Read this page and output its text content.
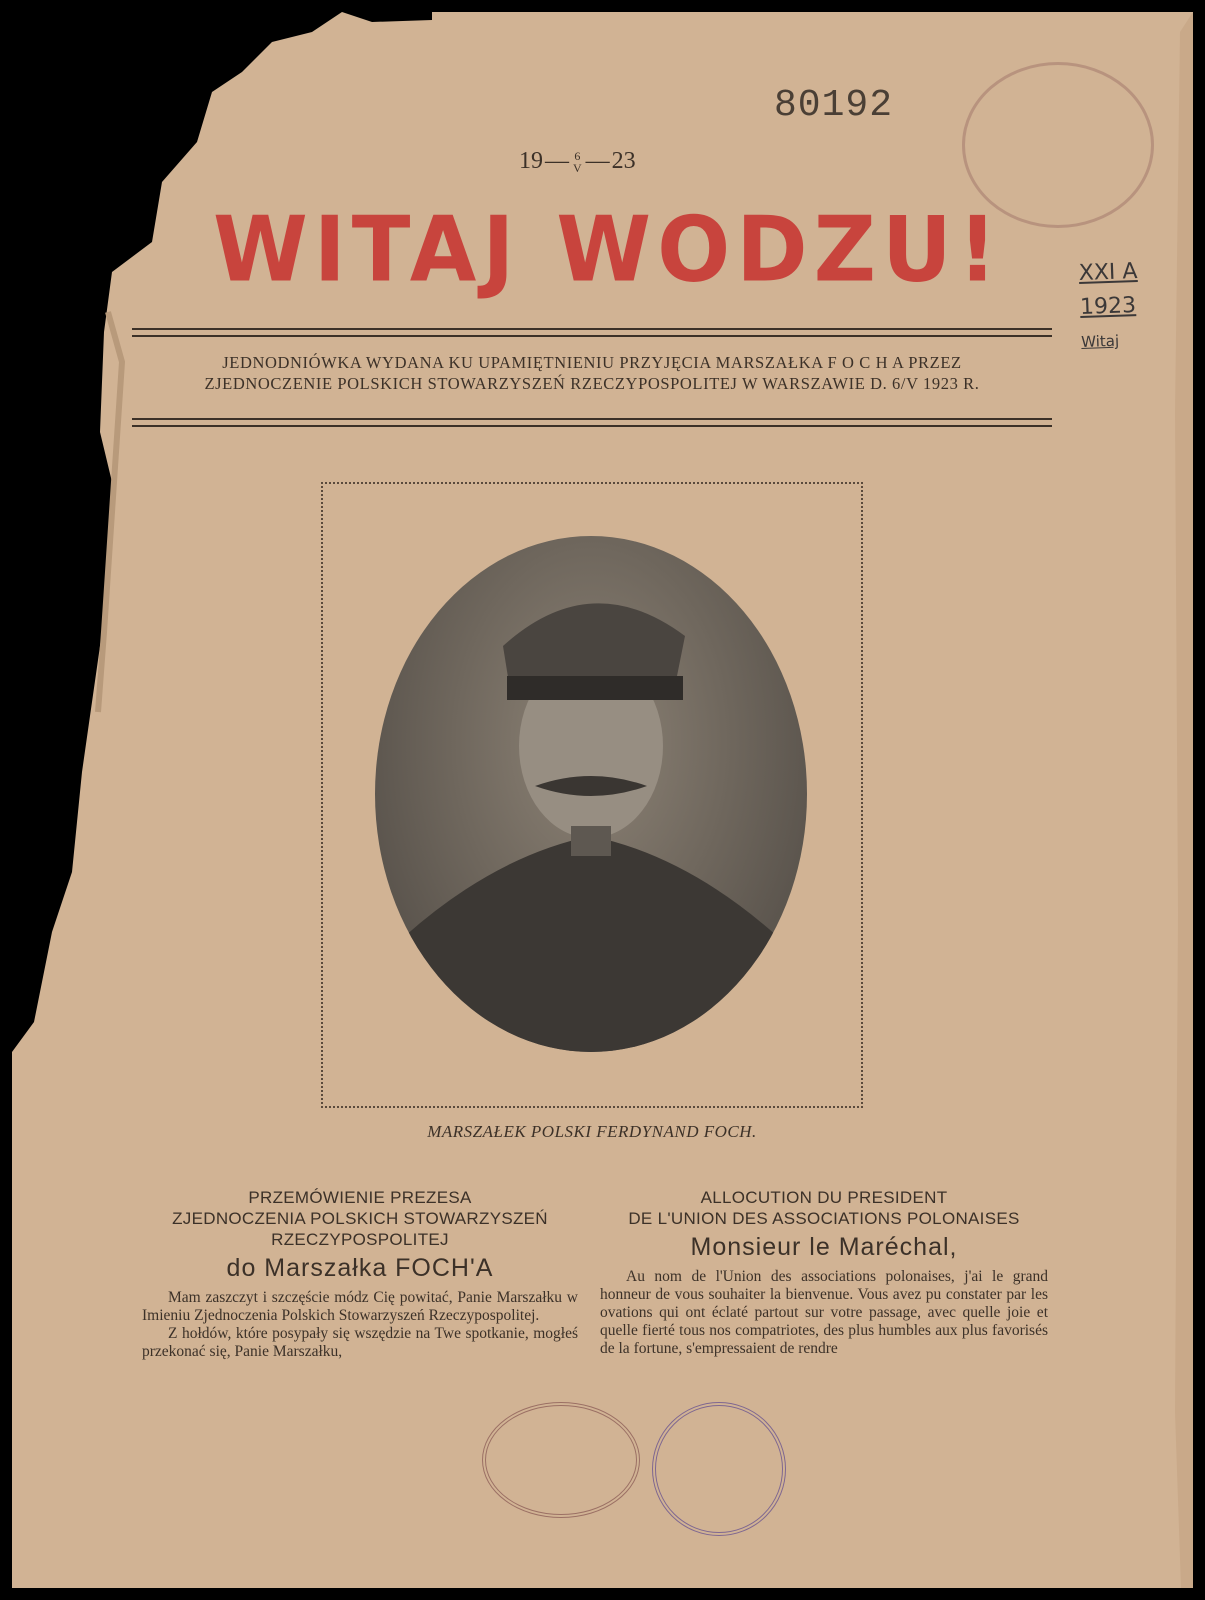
80192
19 — 6
V — 23
WITAJ WODZU!	XXI A
1923
Witaj
JEDNODNIÓWKA WYDANA KU UPAMIĘTNIENIU PRZYJĘCIA MARSZAŁKA F O C H A PRZEZ
ZJEDNOCZENIE POLSKICH STOWARZYSZEŃ RZECZYPOSPOLITEJ W WARSZAWIE D. 6/V 1923 R.
MARSZAŁEK POLSKI FERDYNAND FOCH.
PRZEMÓWIENIE PREZESA
ZJEDNOCZENIA POLSKICH STOWARZYSZEŃ
RZECZYPOSPOLITEJ
do Marszałka FOCH'A

Mam zaszczyt i szczęście módz Cię powitać, Panie Marszałku w Imieniu Zjednoczenia Polskich Stowarzyszeń Rzeczypospolitej.

Z hołdów, które posypały się wszędzie na Twe spotkanie, mogłeś przekonać się, Panie Marszałku,

ALLOCUTION DU PRESIDENT
DE L'UNION DES ASSOCIATIONS POLONAISES
Monsieur le Maréchal,

Au nom de l'Union des associations polonaises, j'ai le grand honneur de vous souhaiter la bienvenue. Vous avez pu constater par les ovations qui ont éclaté partout sur votre passage, avec quelle joie et quelle fierté tous nos compatriotes, des plus humbles aux plus favorisés de la fortune, s'empressaient de rendre
